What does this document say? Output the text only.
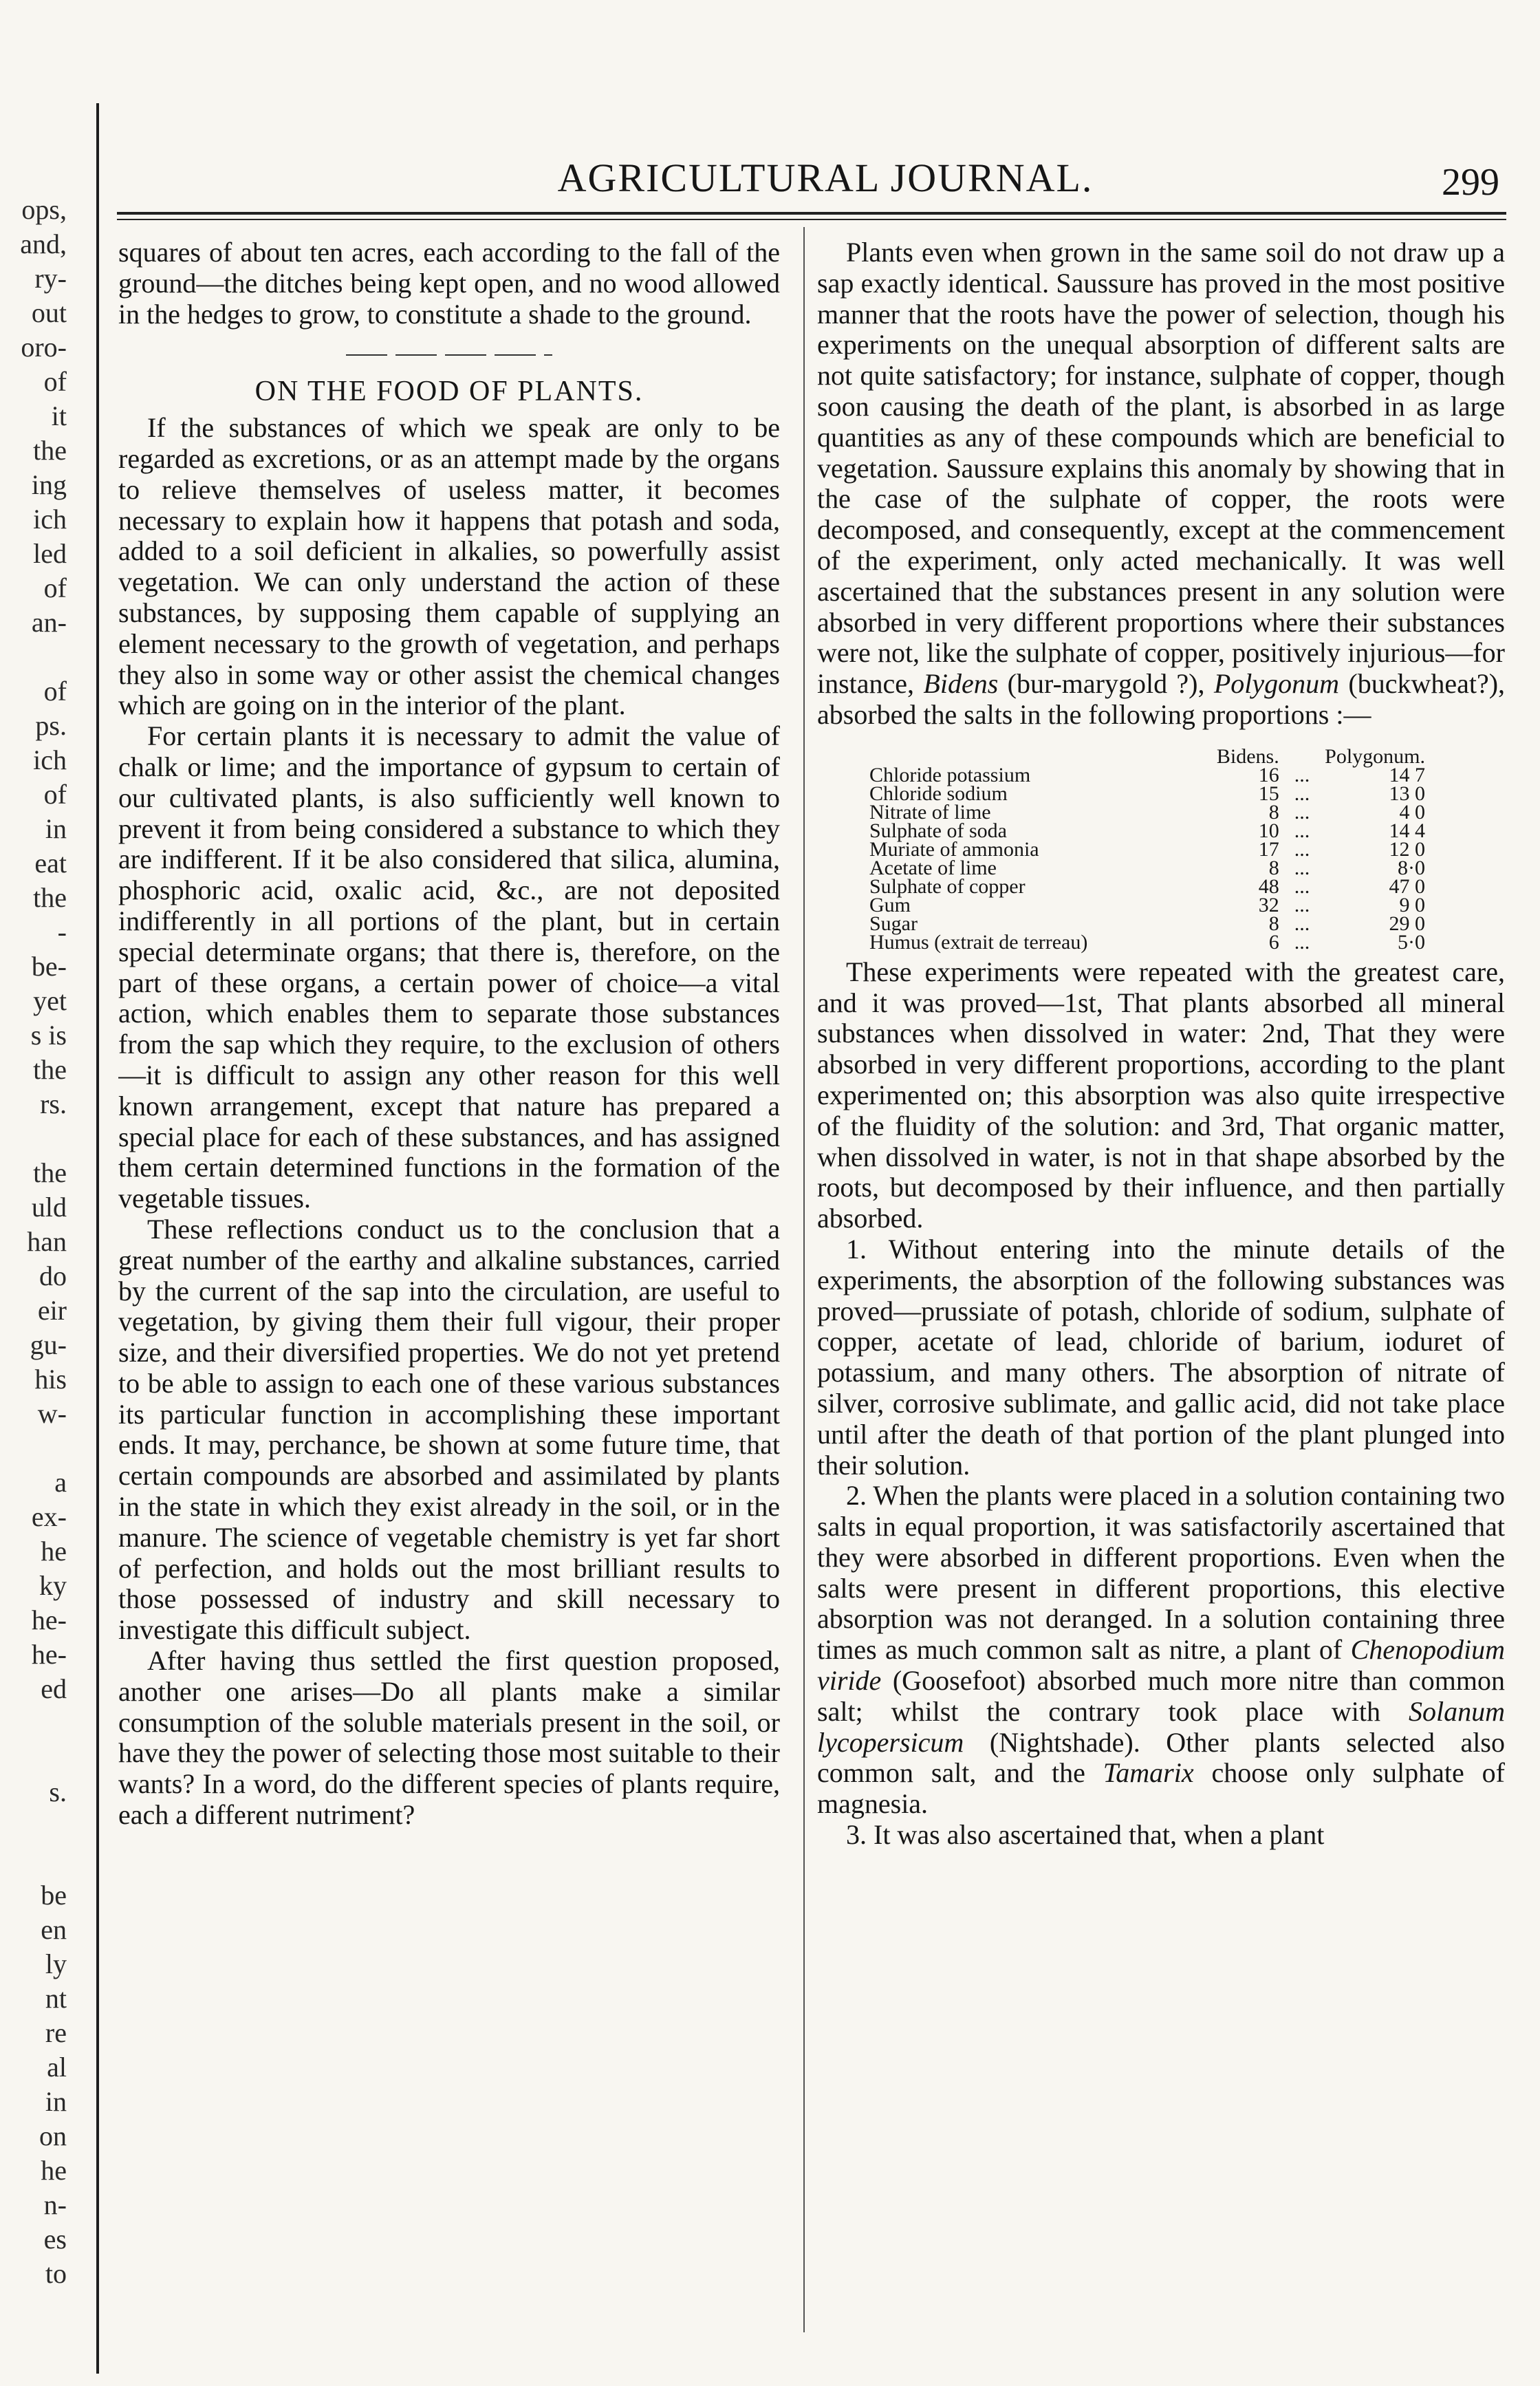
ops,
and,
ry-
out
oro-
of
it
the
ing
ich
led
of
an-
of
ps.
ich
of
in
eat
the
-
be-
yet
s is
the
rs.
the
uld
han
do
eir
gu-
his
w-
a
ex-
he
ky
he-
he-
ed
s.
be
en
ly
nt
re
al
in
on
he
n-
es
to
AGRICULTURAL JOURNAL.	299

squares of about ten acres, each according to the fall of the ground—the ditches being kept open, and no wood allowed in the hedges to grow, to constitute a shade to the ground.

ON THE FOOD OF PLANTS.

If the substances of which we speak are only to be regarded as excretions, or as an attempt made by the organs to relieve themselves of useless matter, it becomes necessary to explain how it happens that potash and soda, added to a soil deficient in alkalies, so powerfully assist vegetation. We can only understand the action of these substances, by supposing them capable of supplying an element necessary to the growth of vegetation, and perhaps they also in some way or other assist the chemical changes which are going on in the interior of the plant.

For certain plants it is necessary to admit the value of chalk or lime; and the importance of gypsum to certain of our cultivated plants, is also sufficiently well known to prevent it from being considered a substance to which they are indifferent. If it be also considered that silica, alumina, phosphoric acid, oxalic acid, &c., are not deposited indifferently in all portions of the plant, but in certain special determinate organs; that there is, therefore, on the part of these organs, a certain power of choice—a vital action, which enables them to separate those substances from the sap which they require, to the exclusion of others—it is difficult to assign any other reason for this well known arrangement, except that nature has prepared a special place for each of these substances, and has assigned them certain determined functions in the formation of the vegetable tissues.

These reflections conduct us to the conclusion that a great number of the earthy and alkaline substances, carried by the current of the sap into the circulation, are useful to vegetation, by giving them their full vigour, their proper size, and their diversified properties. We do not yet pretend to be able to assign to each one of these various substances its particular function in accomplishing these important ends. It may, perchance, be shown at some future time, that certain compounds are absorbed and assimilated by plants in the state in which they exist already in the soil, or in the manure. The science of vegetable chemistry is yet far short of perfection, and holds out the most brilliant results to those possessed of industry and skill necessary to investigate this difficult subject.

After having thus settled the first question proposed, another one arises—Do all plants make a similar consumption of the soluble materials present in the soil, or have they the power of selecting those most suitable to their wants? In a word, do the different species of plants require, each a different nutriment?

Plants even when grown in the same soil do not draw up a sap exactly identical. Saussure has proved in the most positive manner that the roots have the power of selection, though his experiments on the unequal absorption of different salts are not quite satisfactory; for instance, sulphate of copper, though soon causing the death of the plant, is absorbed in as large quantities as any of these compounds which are beneficial to vegetation. Saussure explains this anomaly by showing that in the case of the sulphate of copper, the roots were decomposed, and consequently, except at the commencement of the experiment, only acted mechanically. It was well ascertained that the substances present in any solution were absorbed in very different proportions where their substances were not, like the sulphate of copper, positively injurious—for instance, Bidens (bur-marygold ?), Polygonum (buckwheat?), absorbed the salts in the following proportions :—

	Bidens.		Polygonum.
Chloride potassium	16	...	14 7
Chloride sodium	15	...	13 0
Nitrate of lime	8	...	4 0
Sulphate of soda	10	...	14 4
Muriate of ammonia	17	...	12 0
Acetate of lime	8	...	8·0
Sulphate of copper	48	...	47 0
Gum	32	...	9 0
Sugar	8	...	29 0
Humus (extrait de terreau)	6	...	5·0

These experiments were repeated with the greatest care, and it was proved—1st, That plants absorbed all mineral substances when dissolved in water: 2nd, That they were absorbed in very different proportions, according to the plant experimented on; this absorption was also quite irrespective of the fluidity of the solution: and 3rd, That organic matter, when dissolved in water, is not in that shape absorbed by the roots, but decomposed by their influence, and then partially absorbed.

1. Without entering into the minute details of the experiments, the absorption of the following substances was proved—prussiate of potash, chloride of sodium, sulphate of copper, acetate of lead, chloride of barium, ioduret of potassium, and many others. The absorption of nitrate of silver, corrosive sublimate, and gallic acid, did not take place until after the death of that portion of the plant plunged into their solution.

2. When the plants were placed in a solution containing two salts in equal proportion, it was satisfactorily ascertained that they were absorbed in different proportions. Even when the salts were present in different proportions, this elective absorption was not deranged. In a solution containing three times as much common salt as nitre, a plant of Chenopodium viride (Goosefoot) absorbed much more nitre than common salt; whilst the contrary took place with Solanum lycopersicum (Nightshade). Other plants selected also common salt, and the Tamarix choose only sulphate of magnesia.

3. It was also ascertained that, when a plant
